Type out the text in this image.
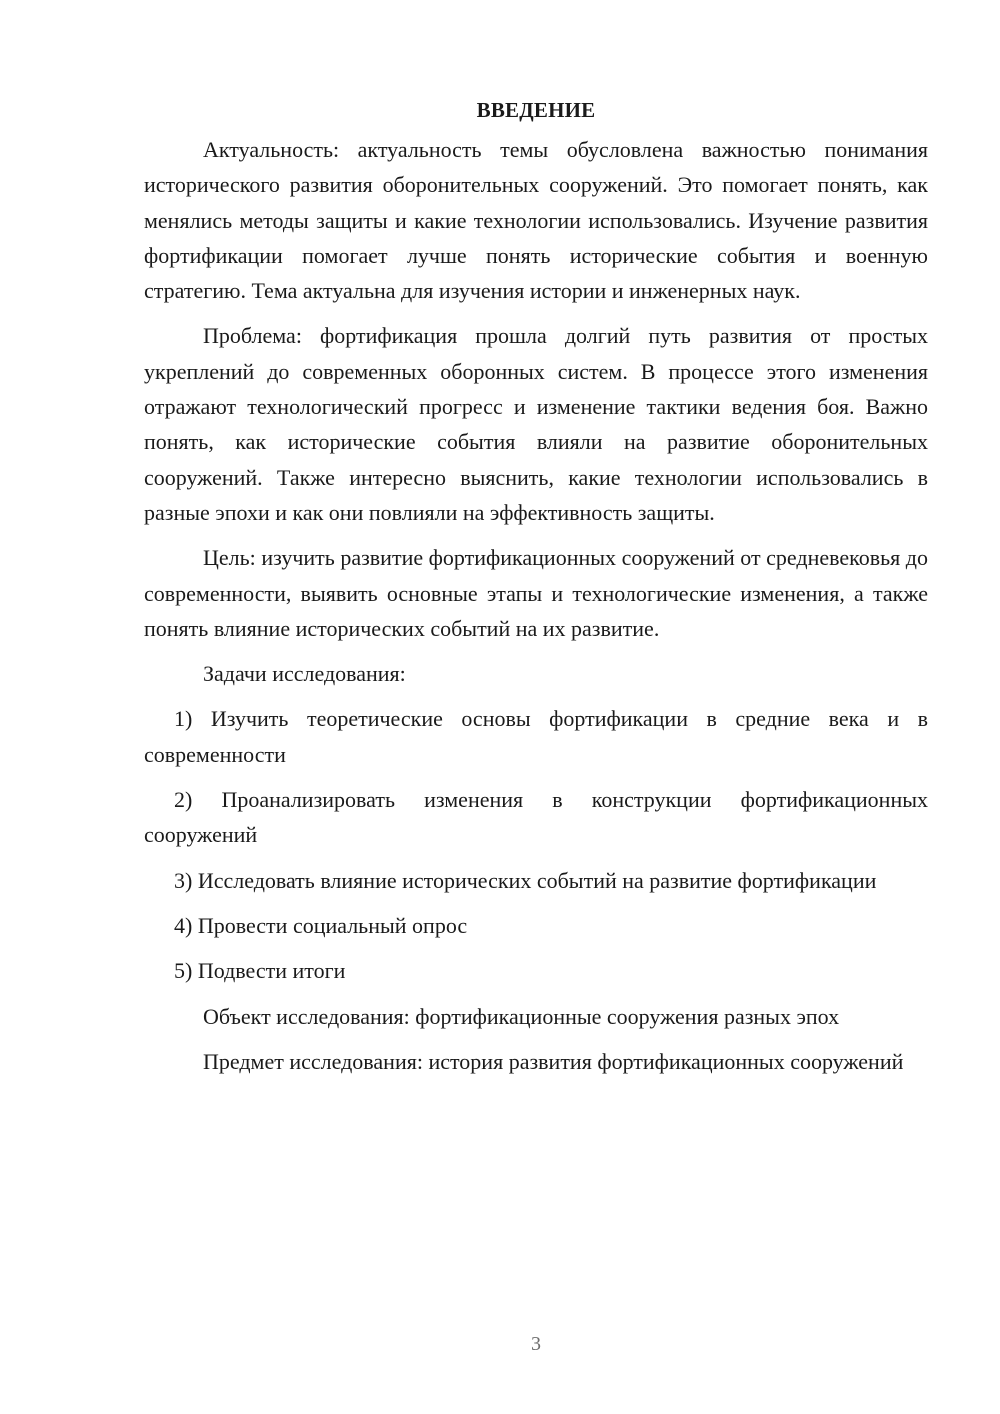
ВВЕДЕНИЕ

Актуальность: актуальность темы обусловлена важностью понимания исторического развития оборонительных сооружений. Это помогает понять, как менялись методы защиты и какие технологии использовались. Изучение развития фортификации помогает лучше понять исторические события и военную стратегию. Тема актуальна для изучения истории и инженерных наук.

Проблема: фортификация прошла долгий путь развития от простых укреплений до современных оборонных систем. В процессе этого изменения отражают технологический прогресс и изменение тактики ведения боя. Важно понять, как исторические события влияли на развитие оборонительных сооружений. Также интересно выяснить, какие технологии использовались в разные эпохи и как они повлияли на эффективность защиты.

Цель: изучить развитие фортификационных сооружений от средневековья до современности, выявить основные этапы и технологические изменения, а также понять влияние исторических событий на их развитие.

Задачи исследования:

1) Изучить теоретические основы фортификации в средние века и в современности

2) Проанализировать изменения в конструкции фортификационных сооружений

3) Исследовать влияние исторических событий на развитие фортификации

4) Провести социальный опрос

5) Подвести итоги

Объект исследования: фортификационные сооружения разных эпох

Предмет исследования: история развития фортификационных сооружений

3
